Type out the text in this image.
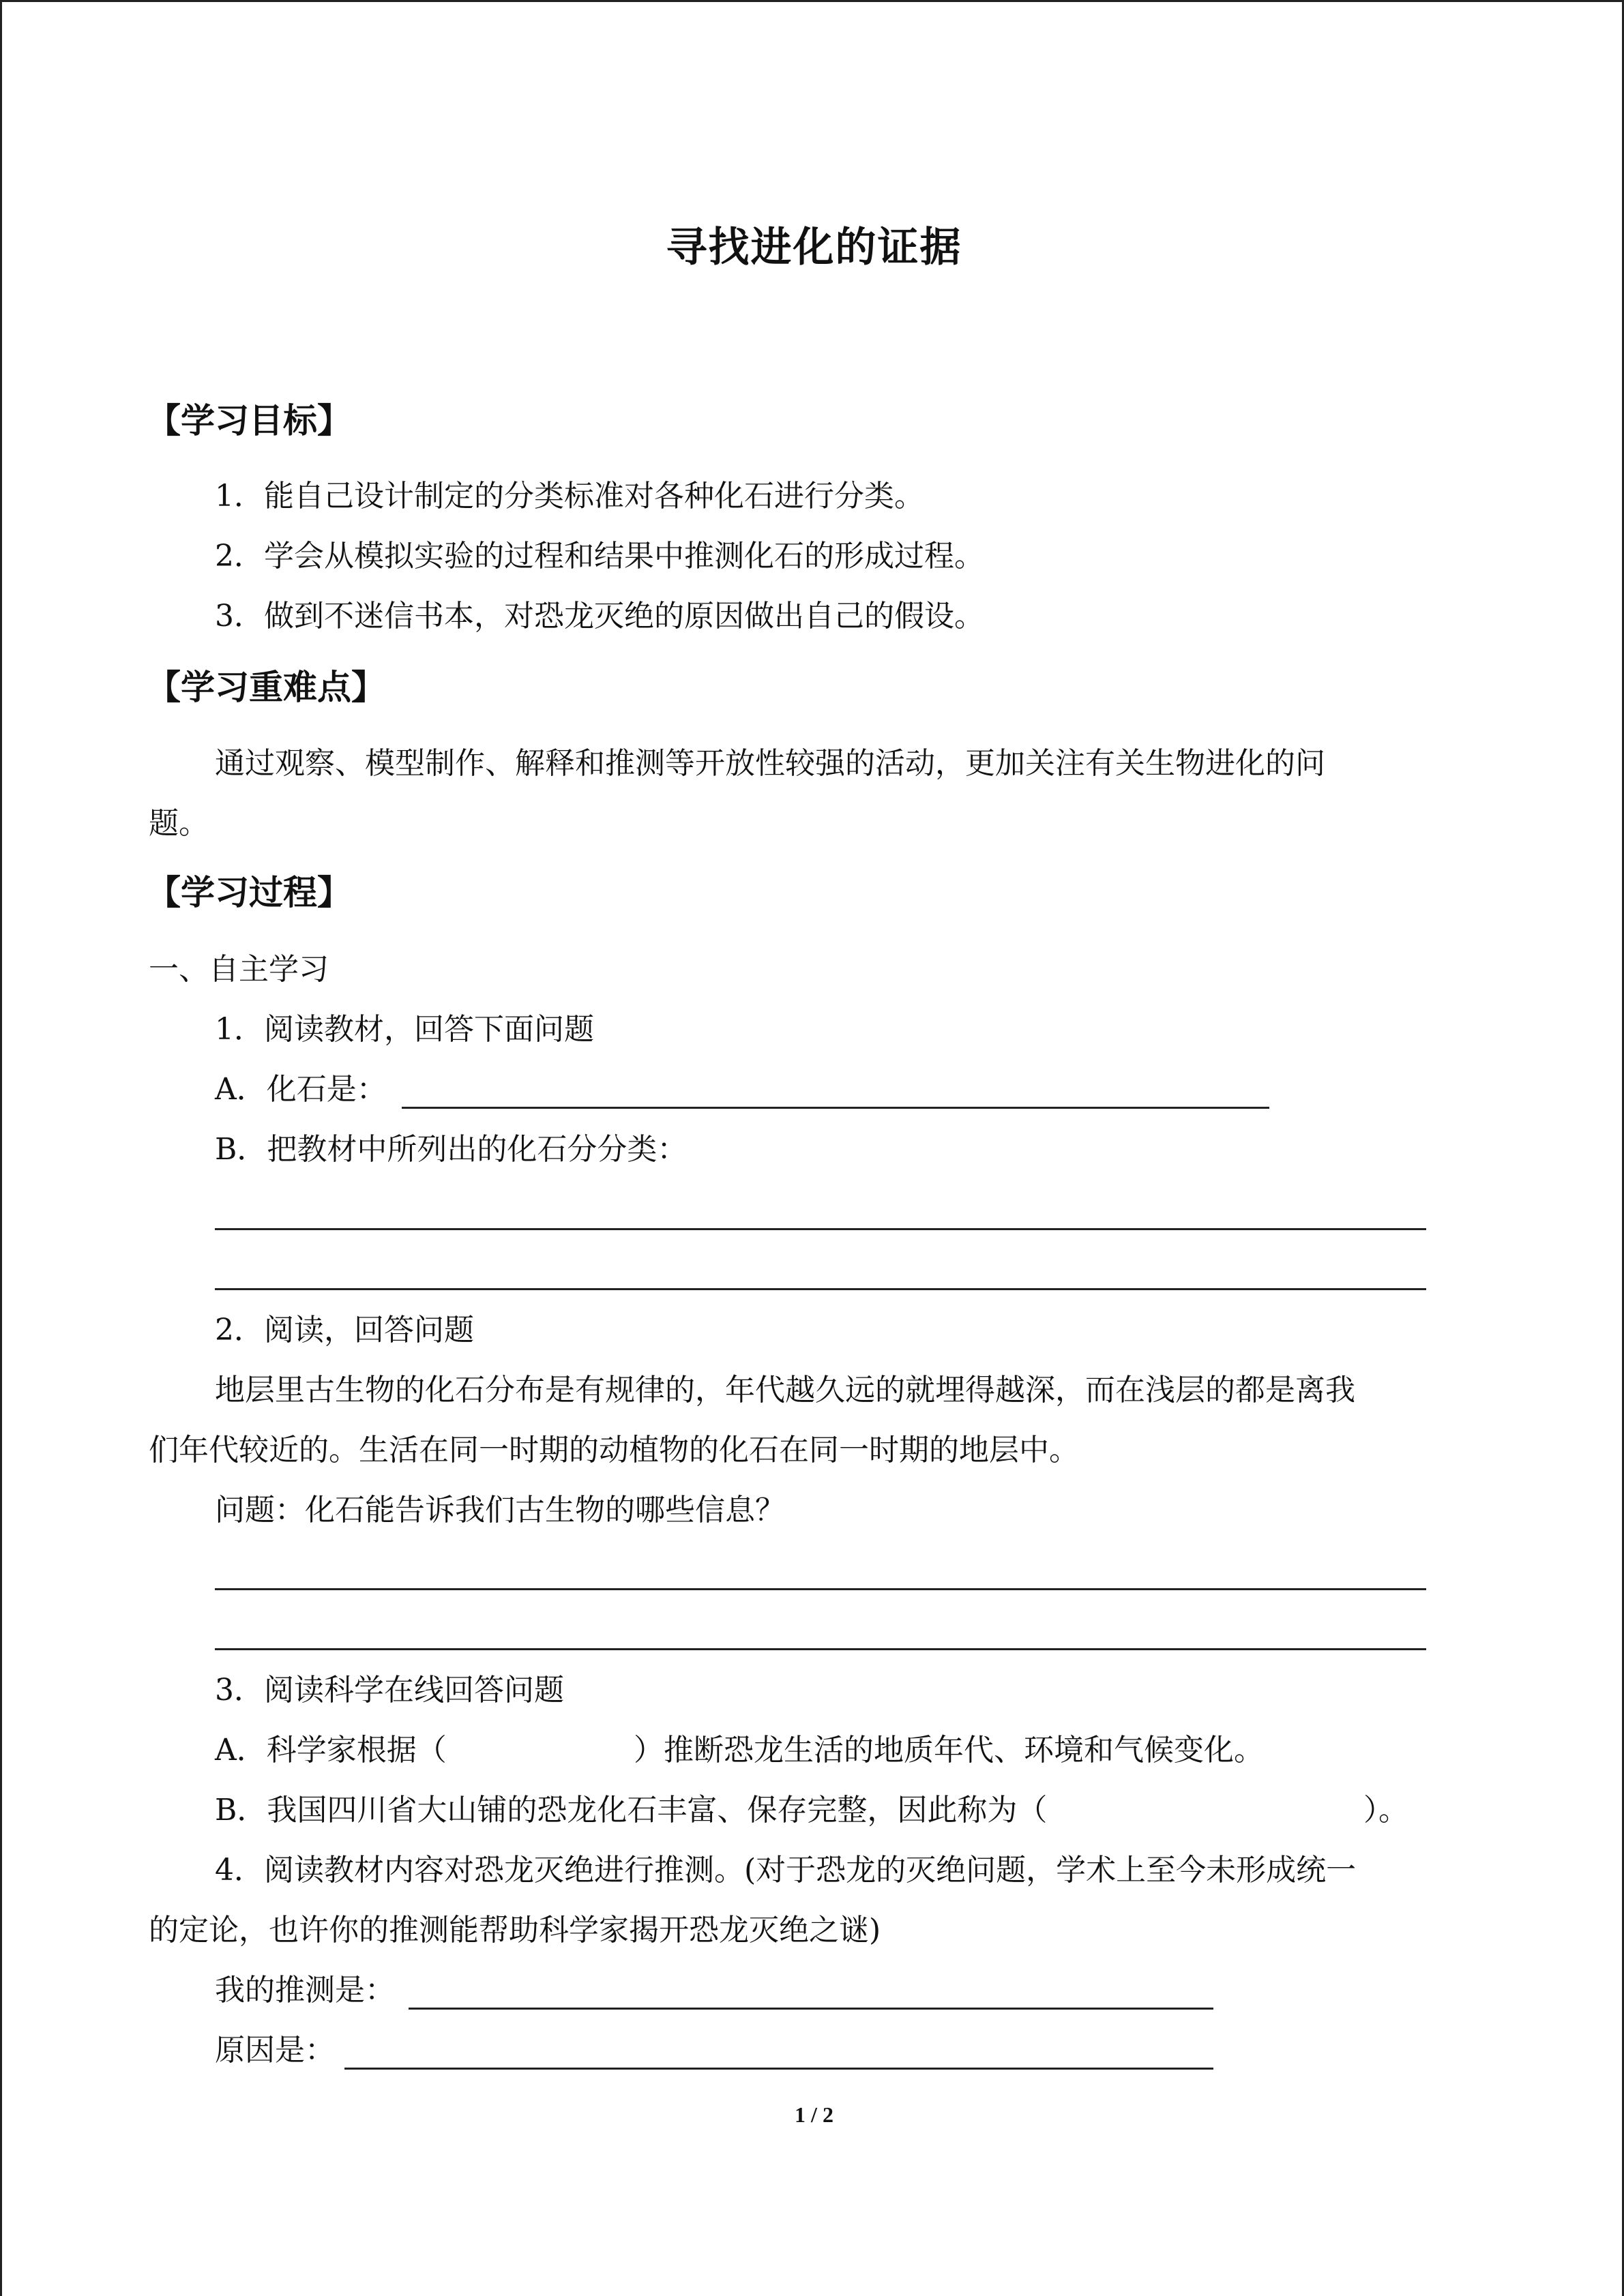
寻找进化的证据
【学习目标】
1．能自己设计制定的分类标准对各种化石进行分类。
2．学会从模拟实验的过程和结果中推测化石的形成过程。
3．做到不迷信书本，对恐龙灭绝的原因做出自己的假设。
【学习重难点】
通过观察、模型制作、解释和推测等开放性较强的活动，更加关注有关生物进化的问
题。
【学习过程】
一、自主学习
1．阅读教材，回答下面问题
A．化石是：
B．把教材中所列出的化石分分类：
2．阅读，回答问题
地层里古生物的化石分布是有规律的，年代越久远的就埋得越深，而在浅层的都是离我
们年代较近的。生活在同一时期的动植物的化石在同一时期的地层中。
问题：化石能告诉我们古生物的哪些信息？
3．阅读科学在线回答问题
A．科学家根据（	）推断恐龙生活的地质年代、环境和气候变化。
B．我国四川省大山铺的恐龙化石丰富、保存完整，因此称为（	）。
4．阅读教材内容对恐龙灭绝进行推测。(对于恐龙的灭绝问题，学术上至今未形成统一
的定论，也许你的推测能帮助科学家揭开恐龙灭绝之谜)
我的推测是：
原因是：
1 / 2
